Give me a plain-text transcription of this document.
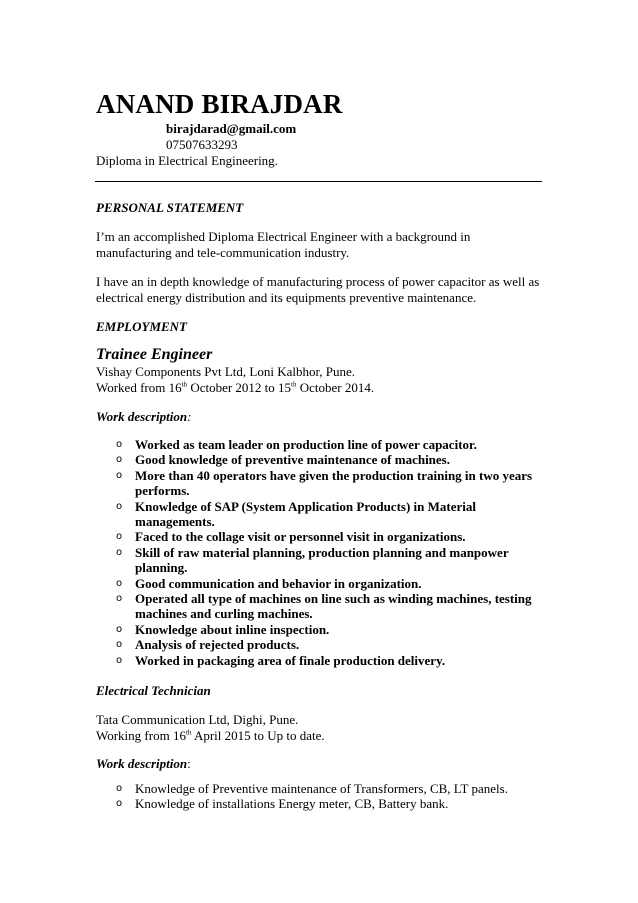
ANAND BIRAJDAR
birajdarad@gmail.com
07507633293
Diploma in Electrical Engineering.
PERSONAL STATEMENT
I’m an accomplished Diploma Electrical Engineer with a background in
manufacturing and tele-communication industry.
I have an in depth knowledge of manufacturing process of power capacitor as well as
electrical energy distribution and its equipments preventive maintenance.
EMPLOYMENT
Trainee Engineer
Vishay Components Pvt Ltd, Loni Kalbhor, Pune.
Worked from 16th October 2012 to 15th October 2014.
Work description:
o Worked as team leader on production line of power capacitor.
o Good knowledge of preventive maintenance of machines.
o More than 40 operators have given the production training in two years performs.
o Knowledge of SAP (System Application Products) in Material managements.
o Faced to the collage visit or personnel visit in organizations.
o Skill of raw material planning, production planning and manpower planning.
o Good communication and behavior in organization.
o Operated all type of machines on line such as winding machines, testing machines and curling machines.
o Knowledge about inline inspection.
o Analysis of rejected products.
o Worked in packaging area of finale production delivery.
Electrical Technician
Tata Communication Ltd, Dighi, Pune.
Working from 16th April 2015 to Up to date.
Work description:
o Knowledge of Preventive maintenance of Transformers, CB, LT panels.
o Knowledge of installations Energy meter, CB, Battery bank.
